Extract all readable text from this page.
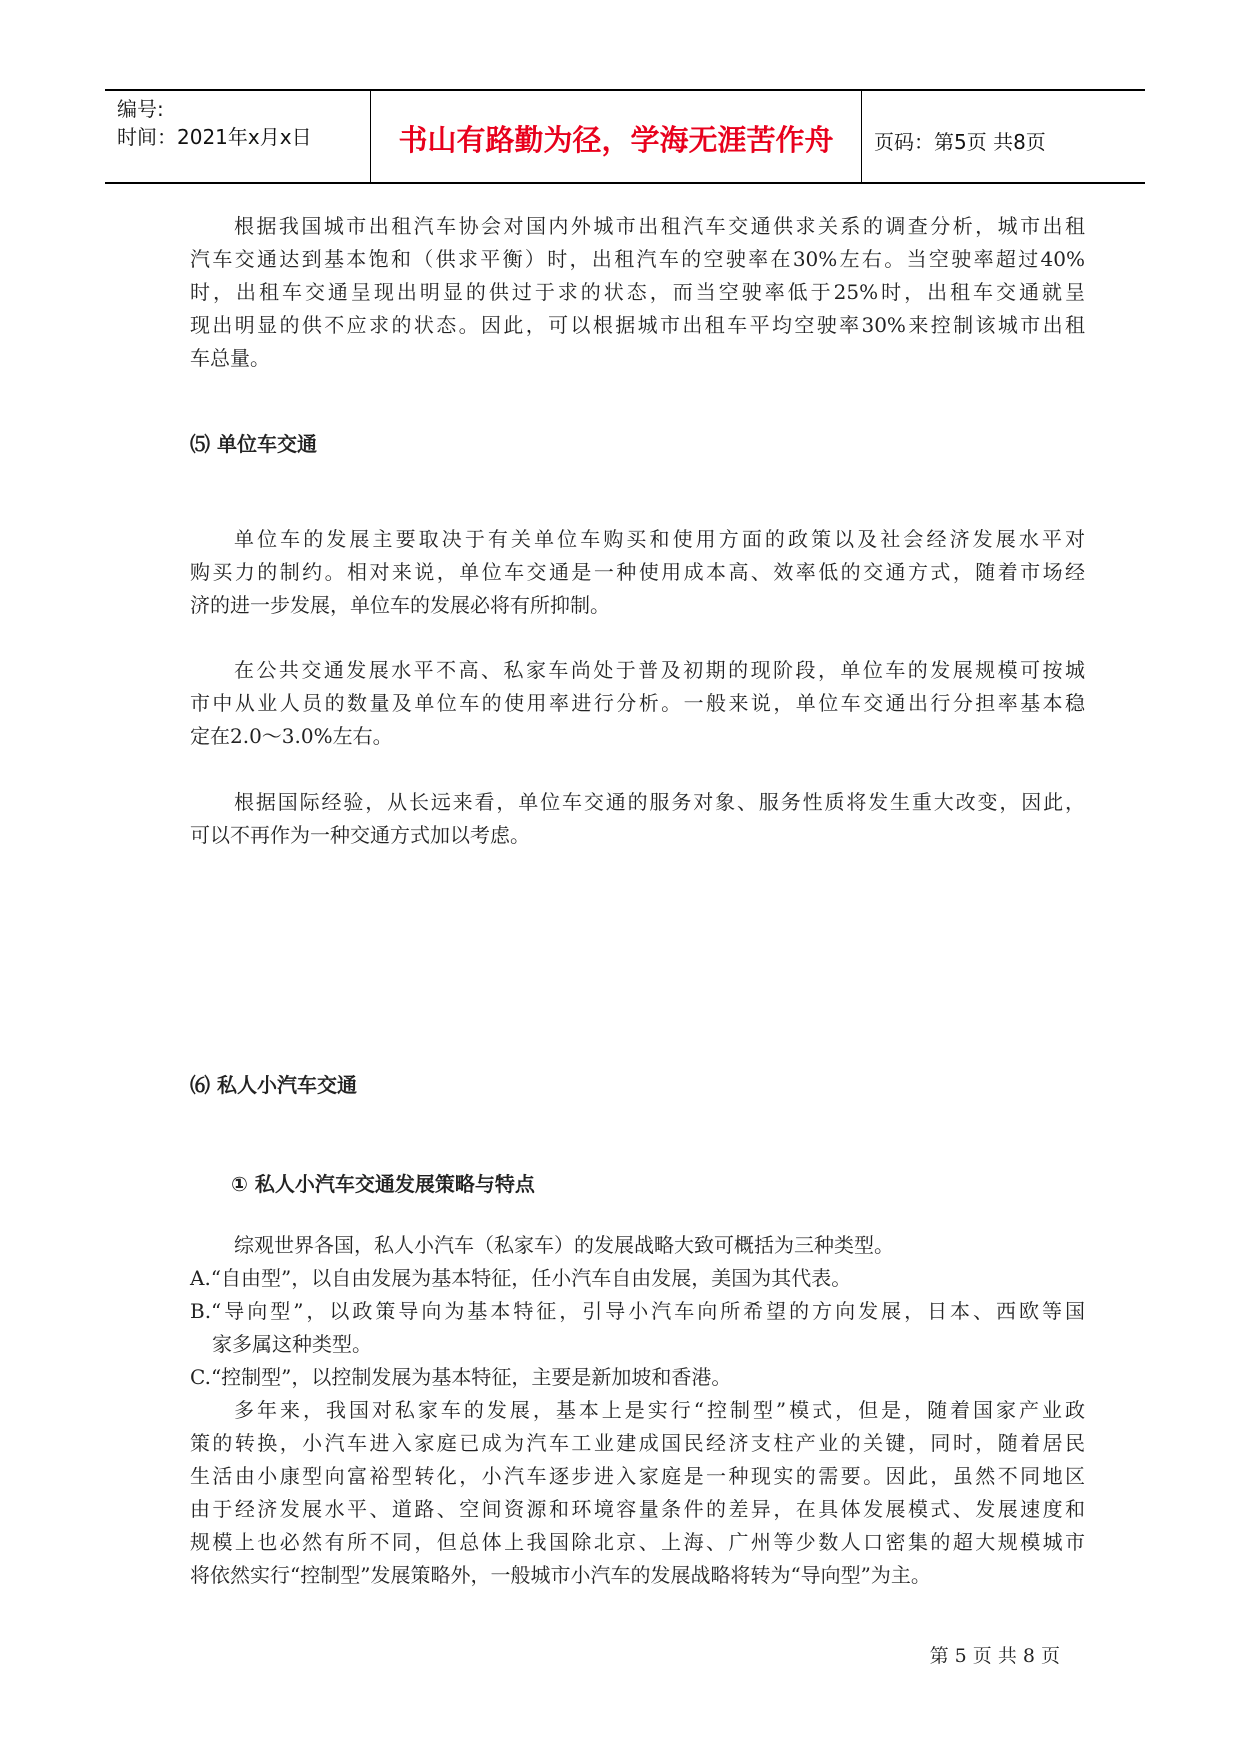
编号:
时间：2021年x月x日	书山有路勤为径，学海无涯苦作舟	页码：第5页 共8页
根据我国城市出租汽车协会对国内外城市出租汽车交通供求关系的调查分析，城市出租
汽车交通达到基本饱和（供求平衡）时，出租汽车的空驶率在30%左右。当空驶率超过40%
时，出租车交通呈现出明显的供过于求的状态，而当空驶率低于25%时，出租车交通就呈
现出明显的供不应求的状态。因此，可以根据城市出租车平均空驶率30%来控制该城市出租
车总量。
⑸ 单位车交通
单位车的发展主要取决于有关单位车购买和使用方面的政策以及社会经济发展水平对
购买力的制约。相对来说，单位车交通是一种使用成本高、效率低的交通方式，随着市场经
济的进一步发展，单位车的发展必将有所抑制。
在公共交通发展水平不高、私家车尚处于普及初期的现阶段，单位车的发展规模可按城
市中从业人员的数量及单位车的使用率进行分析。一般来说，单位车交通出行分担率基本稳
定在2.0～3.0%左右。
根据国际经验，从长远来看，单位车交通的服务对象、服务性质将发生重大改变，因此，
可以不再作为一种交通方式加以考虑。
⑹ 私人小汽车交通
① 私人小汽车交通发展策略与特点
综观世界各国，私人小汽车（私家车）的发展战略大致可概括为三种类型。
A.“自由型”，以自由发展为基本特征，任小汽车自由发展，美国为其代表。
B.“导向型”，以政策导向为基本特征，引导小汽车向所希望的方向发展，日本、西欧等国
家多属这种类型。
C.“控制型”，以控制发展为基本特征，主要是新加坡和香港。
多年来，我国对私家车的发展，基本上是实行“控制型”模式，但是，随着国家产业政
策的转换，小汽车进入家庭已成为汽车工业建成国民经济支柱产业的关键，同时，随着居民
生活由小康型向富裕型转化，小汽车逐步进入家庭是一种现实的需要。因此，虽然不同地区
由于经济发展水平、道路、空间资源和环境容量条件的差异，在具体发展模式、发展速度和
规模上也必然有所不同，但总体上我国除北京、上海、广州等少数人口密集的超大规模城市
将依然实行“控制型”发展策略外，一般城市小汽车的发展战略将转为“导向型”为主。
第 5 页 共 8 页
